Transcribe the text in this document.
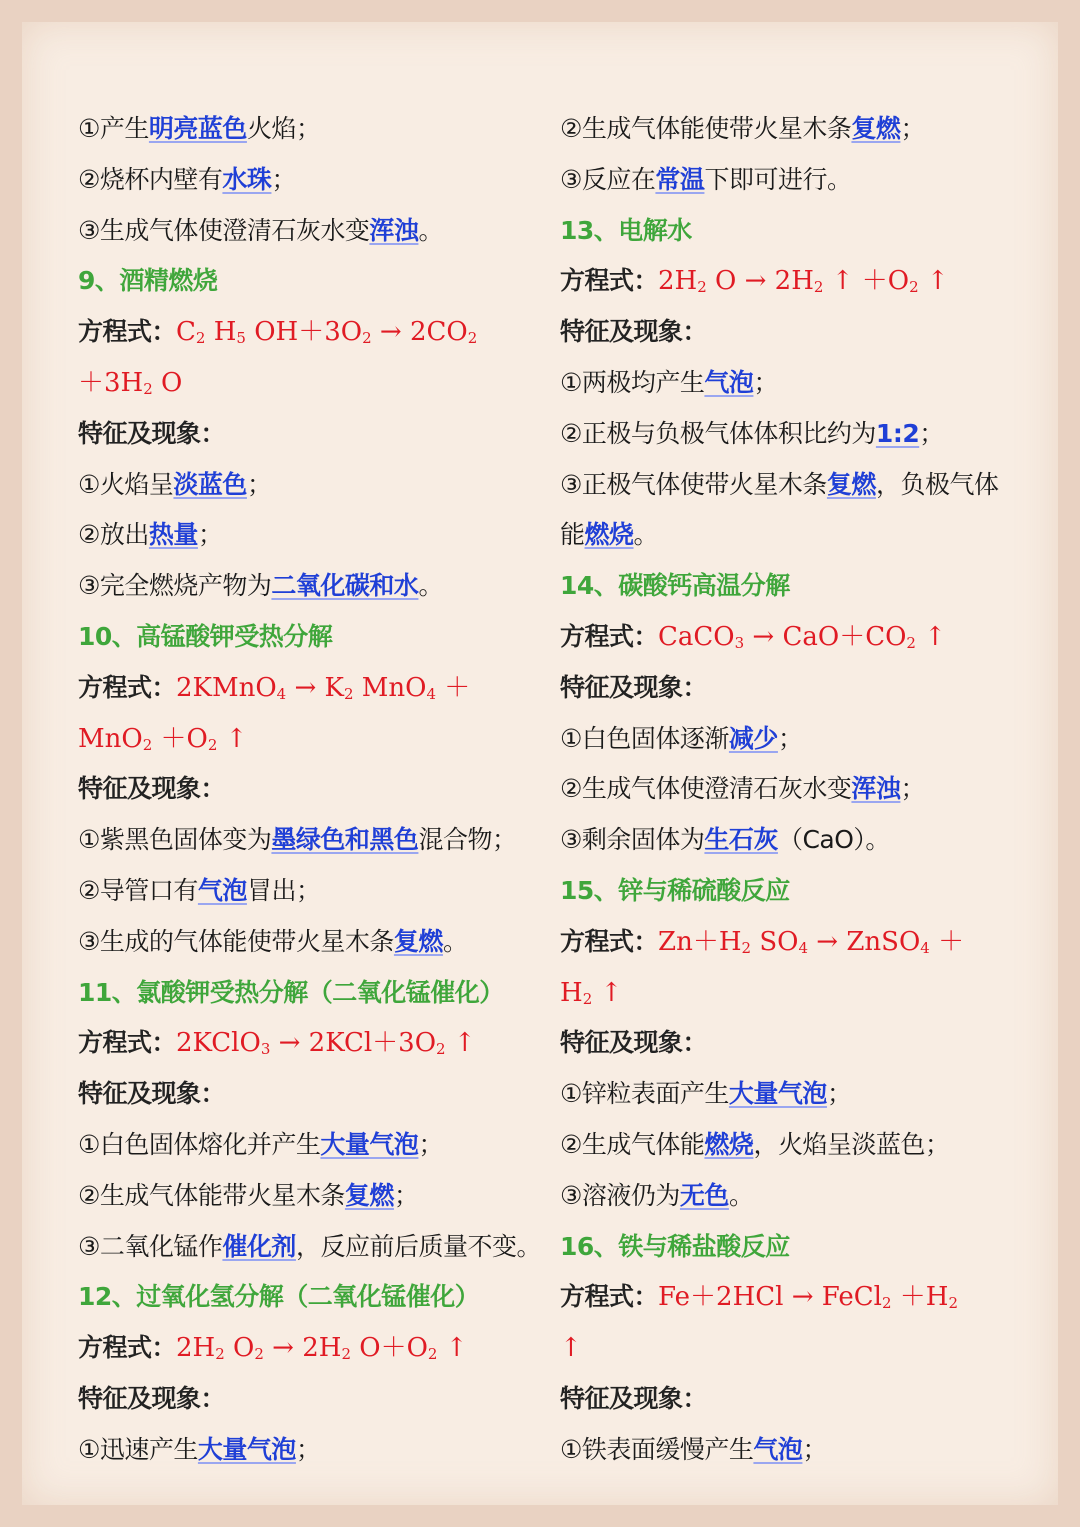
①产生明亮蓝色火焰；
②烧杯内壁有水珠；
③生成气体使澄清石灰水变浑浊。
9、酒精燃烧
方程式：$C_2$ $H_5$ $OH+3O_2 \to 2CO_2$
$+3H_2$ O
特征及现象：
①火焰呈淡蓝色；
②放出热量；
③完全燃烧产物为二氧化碳和水。
10、高锰酸钾受热分解
方程式：2KMnO$_4$ → $K_2$ MnO$_4$ ＋
$MnO_2 +O_2$ ↑
特征及现象：
①紫黑色固体变为墨绿色和黑色混合物；
②导管口有气泡冒出；
③生成的气体能使带火星木条复燃。
11、氯酸钾受热分解（二氧化锰催化）
方程式：2KClO$_3$ → $2KCl+3O_2$ ↑
特征及现象：
①白色固体熔化并产生大量气泡；
②生成气体能带火星木条复燃；
③二氧化锰作催化剂，反应前后质量不变。
12、过氧化氢分解（二氧化锰催化）
方程式：$2H_2$ $O_2 \to 2H_2$ $O+O_2$ ↑
特征及现象：
①迅速产生大量气泡；
②生成气体能使带火星木条复燃；
③反应在常温下即可进行。
13、电解水
方程式：$2H_2$ $O \to 2H_2$ ↑ $+O_2$ ↑
特征及现象：
①两极均产生气泡；
②正极与负极气体体积比约为1:2；
③正极气体使带火星木条复燃，负极气体
能燃烧。
14、碳酸钙高温分解
方程式：CaCO$_3$ → $CaO+CO_2$ ↑
特征及现象：
①白色固体逐渐减少；
②生成气体使澄清石灰水变浑浊；
③剩余固体为生石灰（CaO）。
15、锌与稀硫酸反应
方程式：$Zn+H_2$ $SO_4$ → ZnSO$_4$ ＋
$H_2$ ↑
特征及现象：
①锌粒表面产生大量气泡；
②生成气体能燃烧，火焰呈淡蓝色；
③溶液仍为无色。
16、铁与稀盐酸反应
方程式：Fe＋2HCl → FeCl$_2$ $+H_2$
↑
特征及现象：
①铁表面缓慢产生气泡；
